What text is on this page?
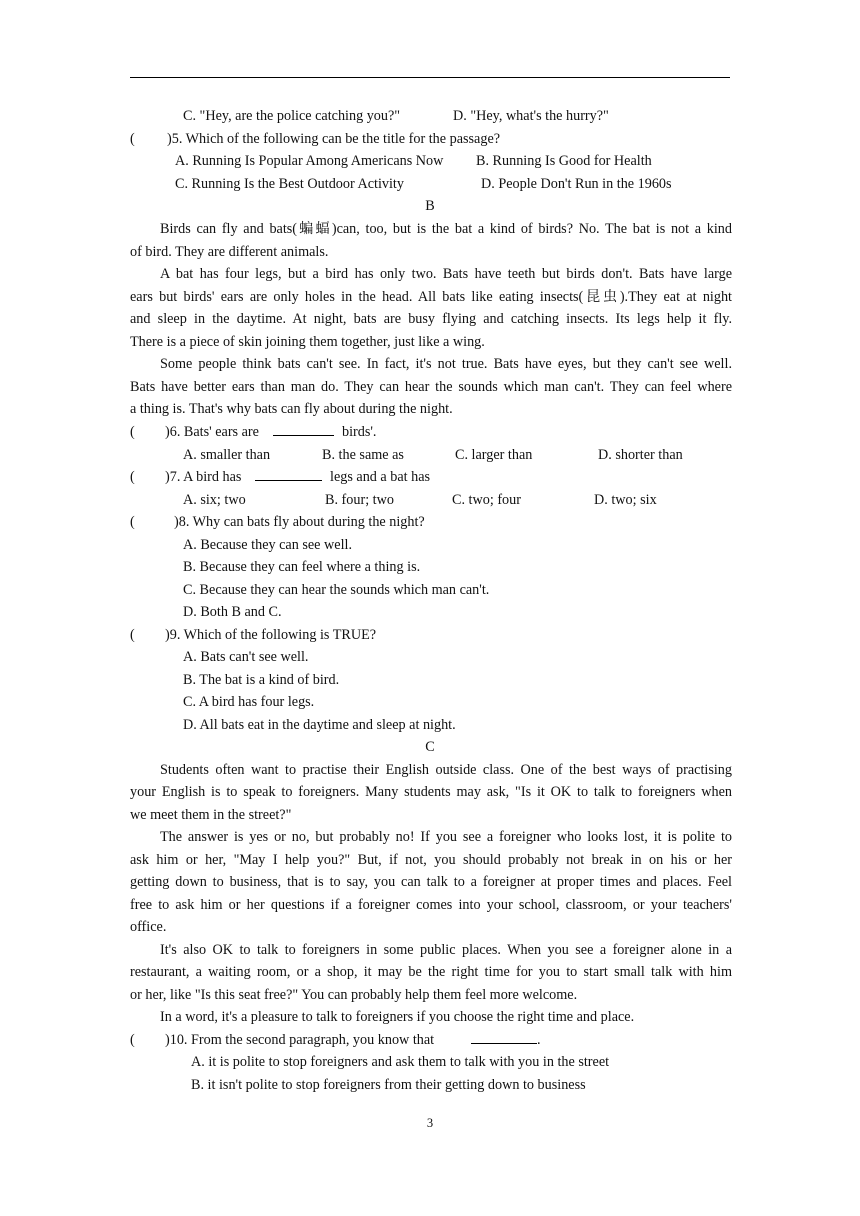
C. "Hey, are the police catching you?"	D. "Hey, what's the hurry?"
( )5. Which of the following can be the title for the passage?
A. Running Is Popular Among Americans Now B. Running Is Good for Health
C. Running Is the Best Outdoor Activity	D. People Don't Run in the 1960s
B
Birds can fly and bats(蝙蝠)can, too, but is the bat a kind of birds? No. The bat is not a kind
of bird. They are different animals.
A bat has four legs, but a bird has only two. Bats have teeth but birds don't. Bats have large
ears but birds' ears are only holes in the head. All bats like eating insects(昆虫).They eat at night
and sleep in the daytime. At night, bats are busy flying and catching insects. Its legs help it fly.
There is a piece of skin joining them together, just like a wing.
Some people think bats can't see. In fact, it's not true. Bats have eyes, but they can't see well.
Bats have better ears than man do. They can hear the sounds which man can't. They can feel where
a thing is. That's why bats can fly about during the night.
( )6. Bats' ears are	birds'.
A. smaller than	B. the same as	C. larger than	D. shorter than
( )7. A bird has	legs and a bat has
A. six; two	B. four; two	C. two; four	D. two; six
(	)8. Why can bats fly about during the night?
A. Because they can see well.
B. Because they can feel where a thing is.
C. Because they can hear the sounds which man can't.
D. Both B and C.
( )9. Which of the following is TRUE?
A. Bats can't see well.
B. The bat is a kind of bird.
C. A bird has four legs.
D. All bats eat in the daytime and sleep at night.
C
Students often want to practise their English outside class. One of the best ways of practising
your English is to speak to foreigners. Many students may ask, "Is it OK to talk to foreigners when
we meet them in the street?"
The answer is yes or no, but probably no! If you see a foreigner who looks lost, it is polite to
ask him or her, "May I help you?" But, if not, you should probably not break in on his or her
getting down to business, that is to say, you can talk to a foreigner at proper times and places. Feel
free to ask him or her questions if a foreigner comes into your school, classroom, or your teachers'
office.
It's also OK to talk to foreigners in some public places. When you see a foreigner alone in a
restaurant, a waiting room, or a shop, it may be the right time for you to start small talk with him
or her, like "Is this seat free?" You can probably help them feel more welcome.
In a word, it's a pleasure to talk to foreigners if you choose the right time and place.
( )10. From the second paragraph, you know that	.
A. it is polite to stop foreigners and ask them to talk with you in the street
B. it isn't polite to stop foreigners from their getting down to business
3
